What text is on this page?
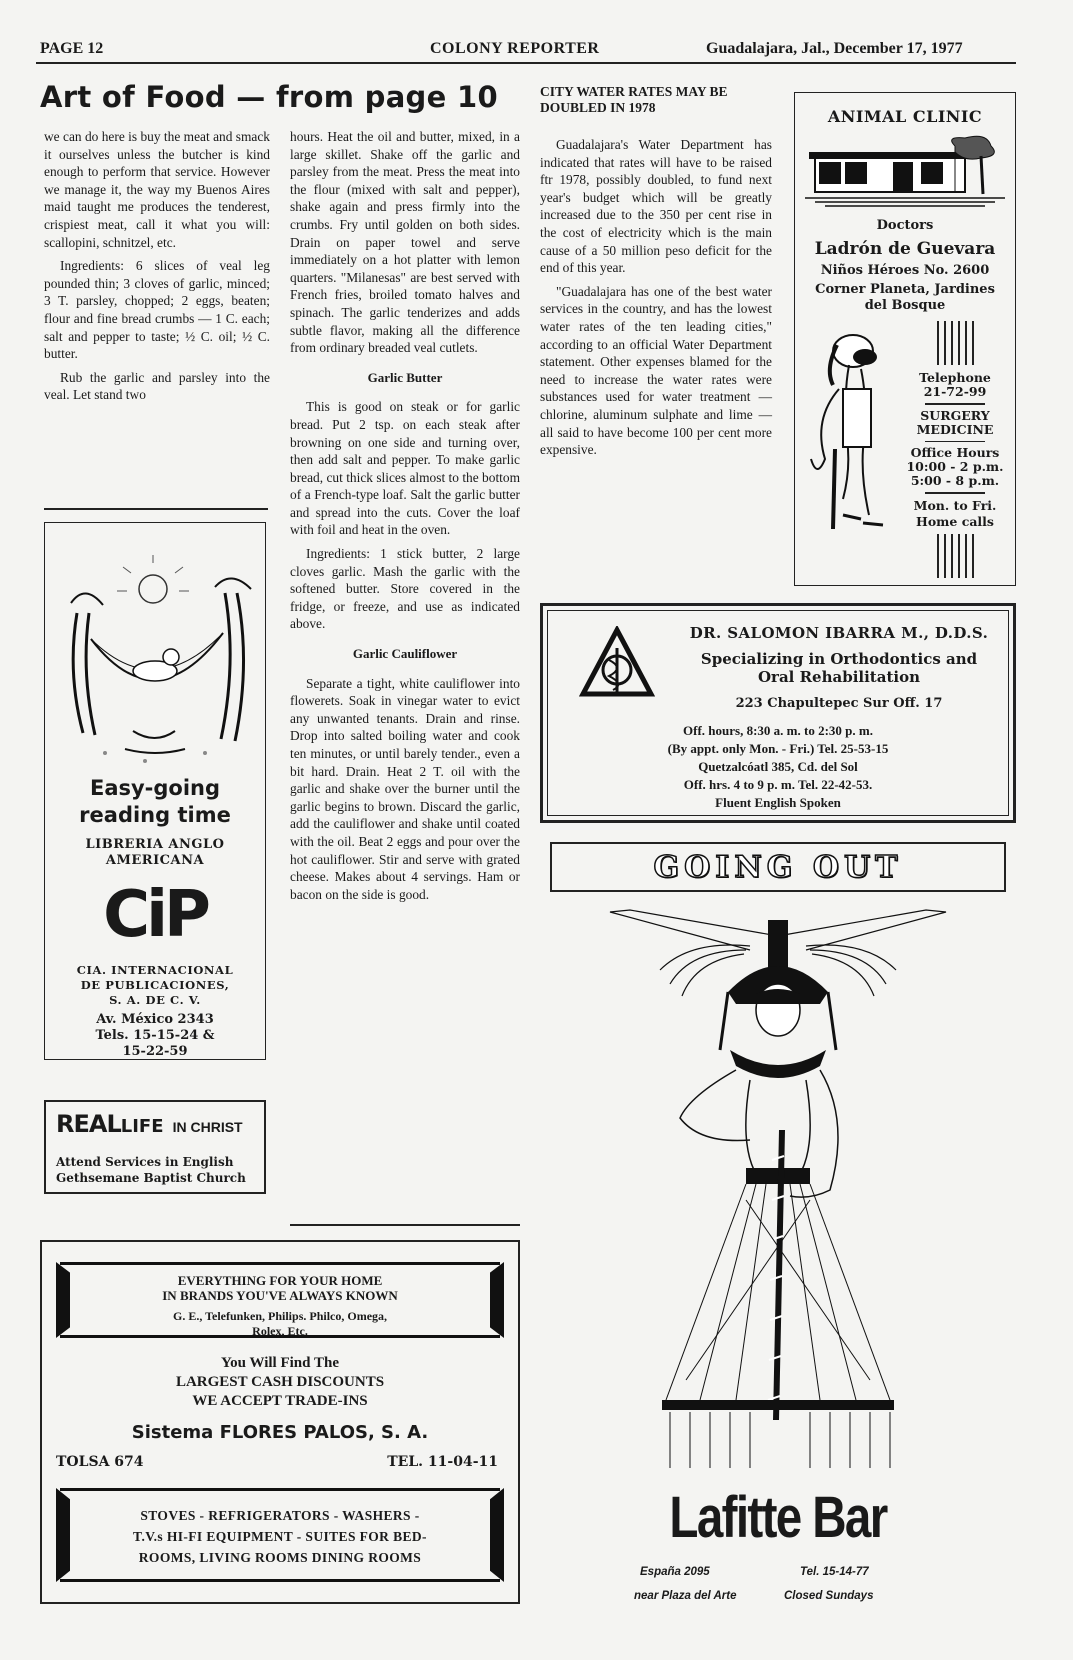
PAGE 12	COLONY REPORTER	Guadalajara, Jal., December 17, 1977
Art of Food — from page 10

we can do here is buy the meat and smack it ourselves unless the butcher is kind enough to perform that service. However we manage it, the way my Buenos Aires maid taught me produces the tenderest, crispiest meat, call it what you will: scallopini, schnitzel, etc.

Ingredients: 6 slices of veal leg pounded thin; 3 cloves of garlic, minced; 3 T. parsley, chopped; 2 eggs, beaten; flour and fine bread crumbs — 1 C. each; salt and pepper to taste; ½ C. oil; ½ C. butter.

Rub the garlic and parsley into the veal. Let stand two

hours. Heat the oil and butter, mixed, in a large skillet. Shake off the garlic and parsley from the meat. Press the meat into the flour (mixed with salt and pepper), shake again and press firmly into the crumbs. Fry until golden on both sides. Drain on paper towel and serve immediately on a hot platter with lemon quarters. "Milanesas" are best served with French fries, broiled tomato halves and spinach. The garlic tenderizes and adds subtle flavor, making all the difference from ordinary breaded veal cutlets.

Garlic Butter

This is good on steak or for garlic bread. Put 2 tsp. on each steak after browning on one side and turning over, then add salt and pepper. To make garlic bread, cut thick slices almost to the bottom of a French-type loaf. Salt the garlic butter and spread into the cuts. Cover the loaf with foil and heat in the oven.

Ingredients: 1 stick butter, 2 large cloves garlic. Mash the garlic with the softened butter. Store covered in the fridge, or freeze, and use as indicated above.

Garlic Cauliflower

Separate a tight, white cauliflower into flowerets. Soak in vinegar water to evict any unwanted tenants. Drain and rinse. Drop into salted boiling water and cook ten minutes, or until barely tender., even a bit hard. Drain. Heat 2 T. oil with the garlic and shake over the burner until the garlic begins to brown. Discard the garlic, add the cauliflower and shake until coated with the oil. Beat 2 eggs and pour over the hot cauliflower. Stir and serve with grated cheese. Makes about 4 servings. Ham or bacon on the side is good.

CITY WATER RATES MAY BE DOUBLED IN 1978

Guadalajara's Water Department has indicated that rates will have to be raised ftr 1978, possibly doubled, to fund next year's budget which will be greatly increased due to the 350 per cent rise in the cost of electricity which is the main cause of a 50 million peso deficit for the end of this year.

"Guadalajara has one of the best water services in the country, and has the lowest water rates of the ten leading cities," according to an official Water Department statement. Other expenses blamed for the need to increase the water rates were substances used for water treatment — chlorine, aluminum sulphate and lime — all said to have become 100 per cent more expensive.

ANIMAL CLINIC
Doctors
Ladrón de Guevara
Niños Héroes No. 2600
Corner Planeta, Jardines
del Bosque
Telephone
21-72-99
SURGERY
MEDICINE
Office Hours
10:00 - 2 p.m.
5:00 - 8 p.m.
Mon. to Fri.
Home calls
DR. SALOMON IBARRA M., D.D.S.
Specializing in Orthodontics and
Oral Rehabilitation
223 Chapultepec Sur Off. 17
Off. hours, 8:30 a. m. to 2:30 p. m.
(By appt. only Mon. - Fri.) Tel. 25-53-15
Quetzalcóatl 385, Cd. del Sol
Off. hrs. 4 to 9 p. m. Tel. 22-42-53.
Fluent English Spoken
Easy-going
reading time
LIBRERIA ANGLO
AMERICANA
CiP
CIA. INTERNACIONAL
DE PUBLICACIONES,
S. A. DE C. V.
Av. México 2343
Tels. 15-15-24 &
15-22-59
REALLIFE IN CHRIST
Attend Services in English
Gethsemane Baptist Church
EVERYTHING FOR YOUR HOME
IN BRANDS YOU'VE ALWAYS KNOWN
G. E., Telefunken, Philips. Philco, Omega,
Rolex, Etc.
You Will Find The
LARGEST CASH DISCOUNTS
WE ACCEPT TRADE-INS
Sistema FLORES PALOS, S. A.
TOLSA 674	TEL. 11-04-11
STOVES - REFRIGERATORS - WASHERS -
T.V.s HI-FI EQUIPMENT - SUITES FOR BED-
ROOMS, LIVING ROOMS DINING ROOMS
GOING OUT
Lafitte Bar
España 2095	Tel. 15-14-77
near Plaza del Arte	Closed Sundays
